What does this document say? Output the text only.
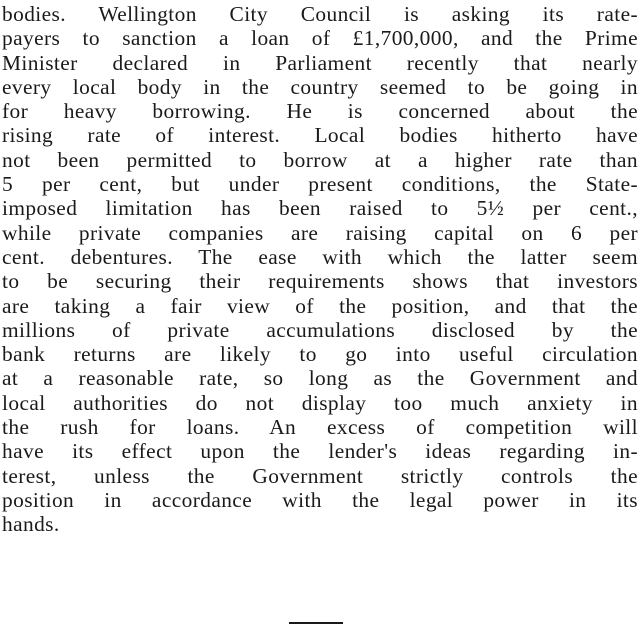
bodies. Wellington City Council is asking its rate-
payers to sanction a loan of £1,700,000, and the Prime
Minister declared in Parliament recently that nearly
every local body in the country seemed to be going in
for heavy borrowing. He is concerned about the
rising rate of interest. Local bodies hitherto have
not been permitted to borrow at a higher rate than
5 per cent, but under present conditions, the State-
imposed limitation has been raised to 5½ per cent.,
while private companies are raising capital on 6 per
cent. debentures. The ease with which the latter seem
to be securing their requirements shows that investors
are taking a fair view of the position, and that the
millions of private accumulations disclosed by the
bank returns are likely to go into useful circulation
at a reasonable rate, so long as the Government and
local authorities do not display too much anxiety in
the rush for loans. An excess of competition will
have its effect upon the lender's ideas regarding in-
terest, unless the Government strictly controls the
position in accordance with the legal power in its
hands.
